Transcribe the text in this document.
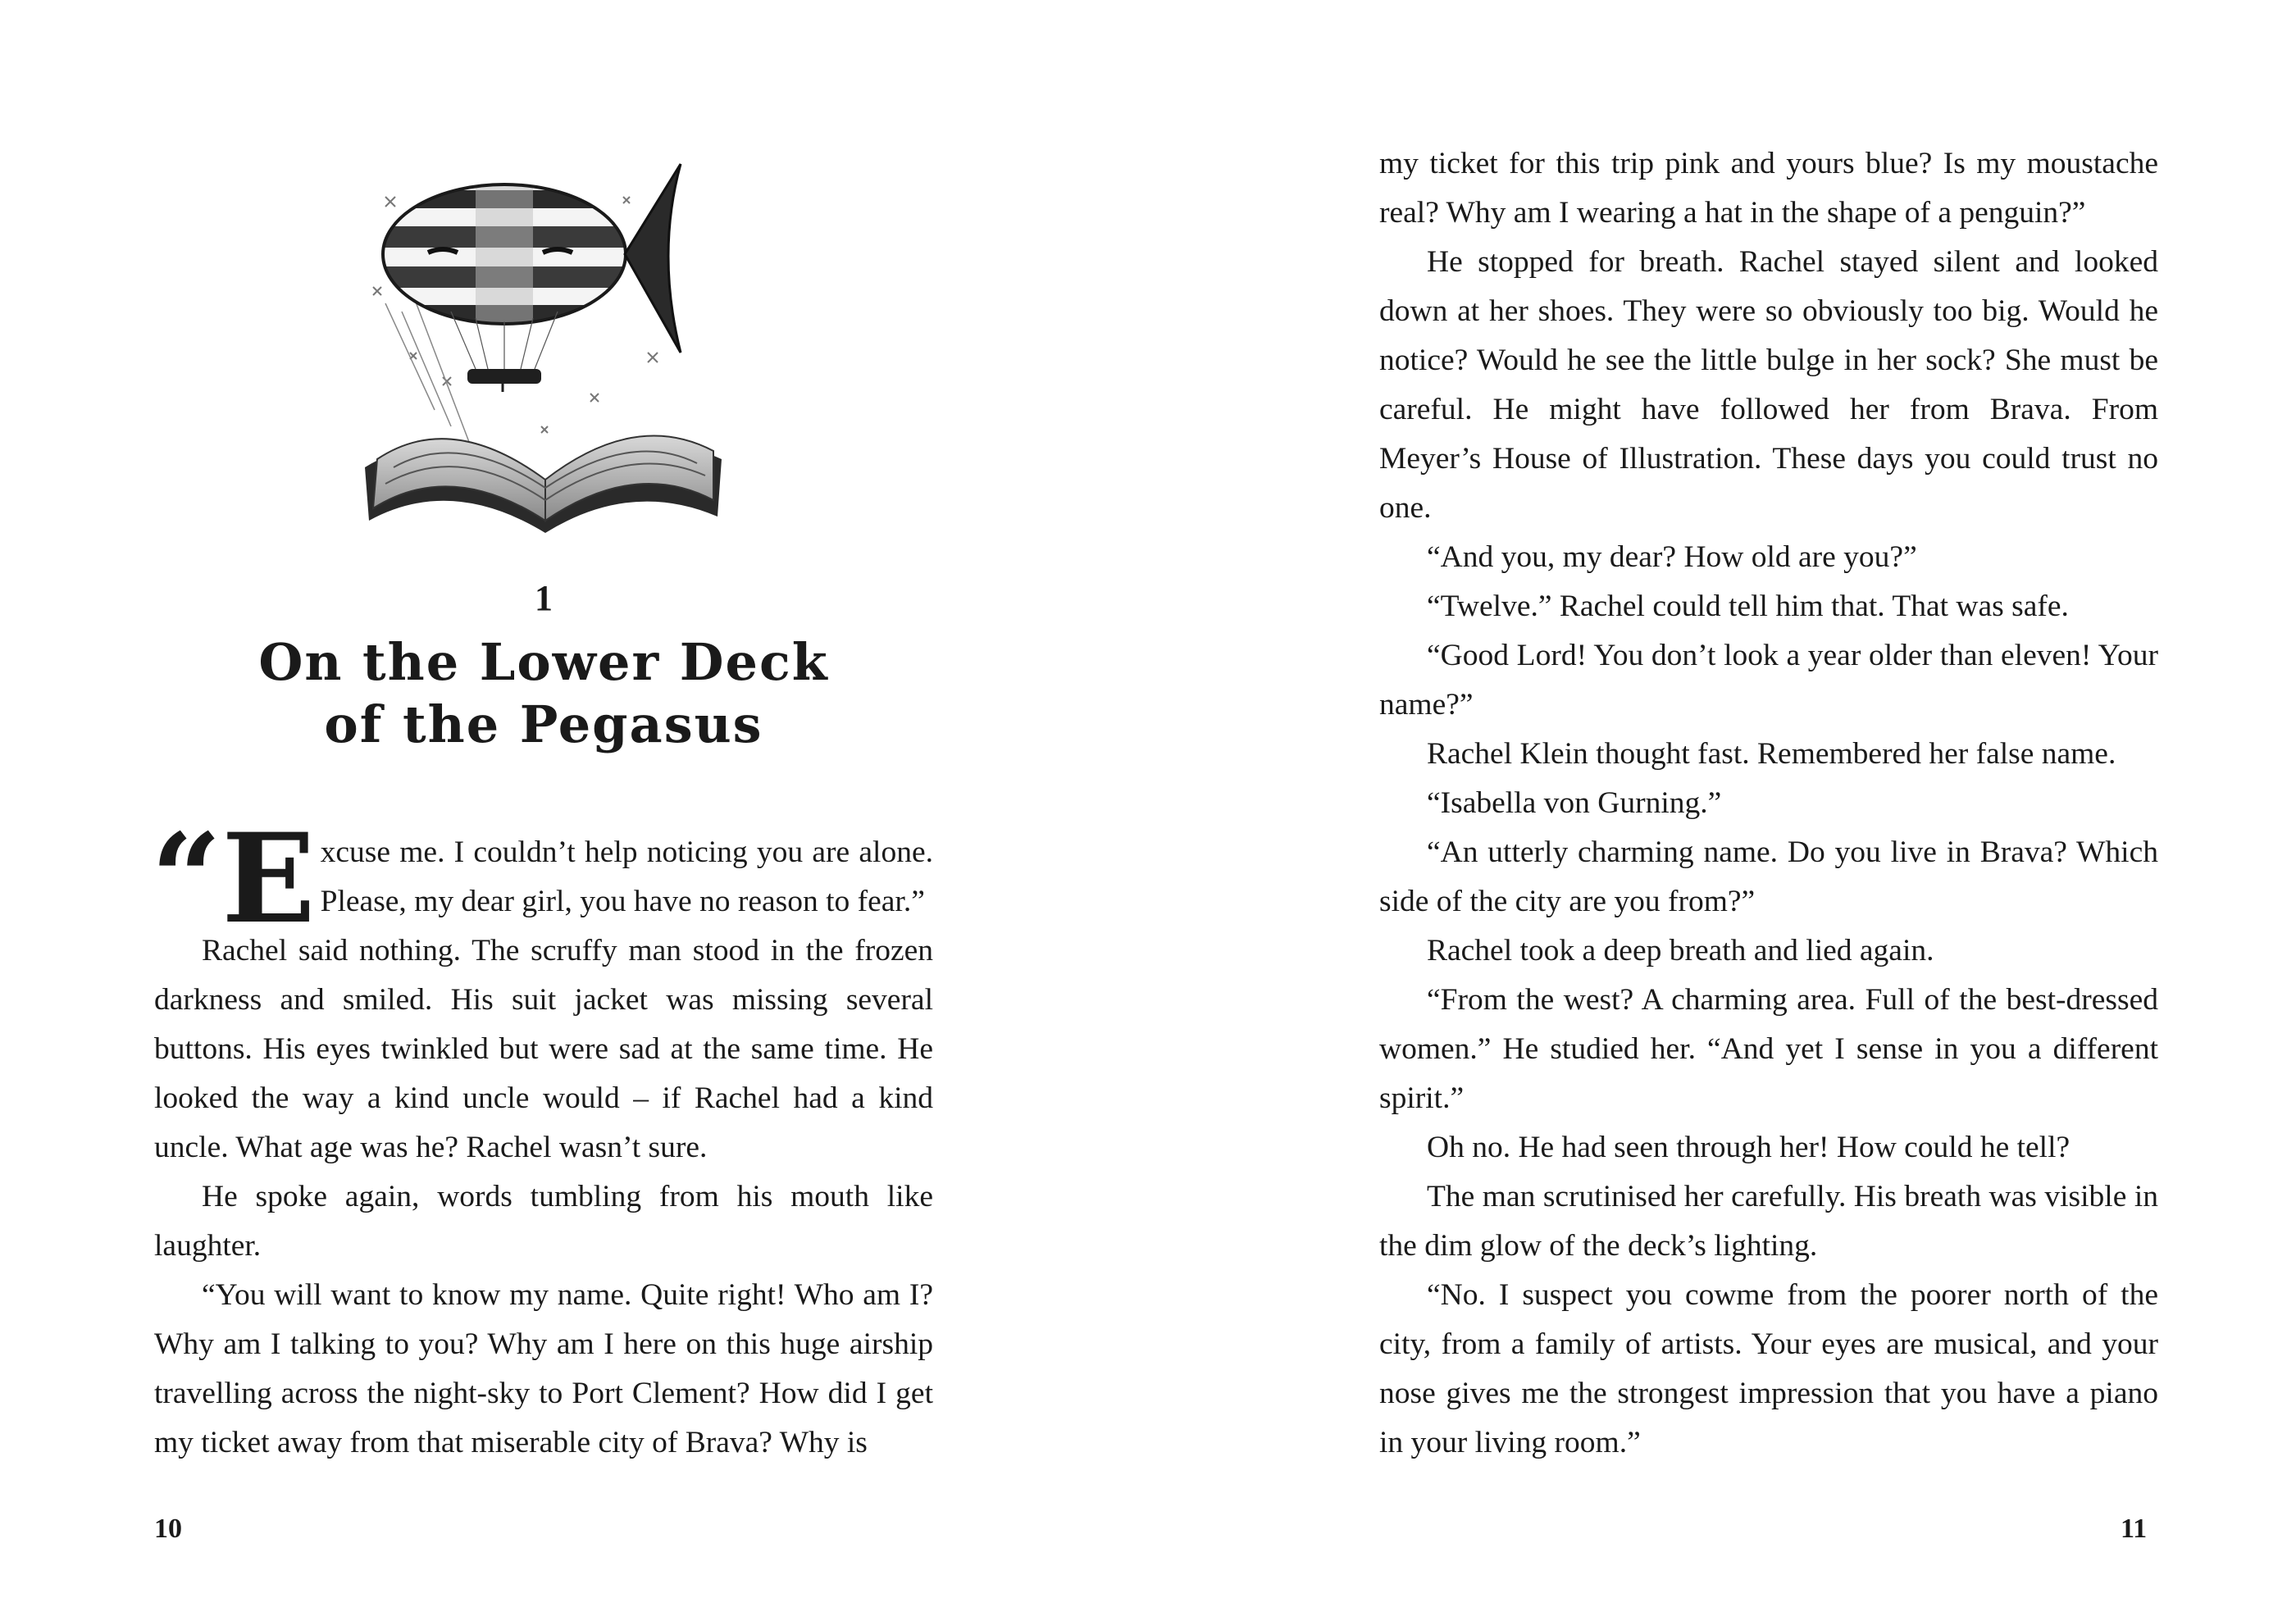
1
On the Lower Deck
of the Pegasus

“Excuse me. I couldn’t help noticing you are alone. Please, my dear girl, you have no reason to fear.”

Rachel said nothing. The scruffy man stood in the frozen darkness and smiled. His suit jacket was missing several buttons. His eyes twinkled but were sad at the same time. He looked the way a kind uncle would – if Rachel had a kind uncle. What age was he? Rachel wasn’t sure.

He spoke again, words tumbling from his mouth like laughter.

“You will want to know my name. Quite right! Who am I? Why am I talking to you? Why am I here on this huge airship travelling across the night-sky to Port Clement? How did I get my ticket away from that miserable city of Brava? Why is

10

my ticket for this trip pink and yours blue? Is my moustache real? Why am I wearing a hat in the shape of a penguin?”

He stopped for breath. Rachel stayed silent and looked down at her shoes. They were so obviously too big. Would he notice? Would he see the little bulge in her sock? She must be careful. He might have followed her from Brava. From Meyer’s House of Illustration. These days you could trust no one.

“And you, my dear? How old are you?”

“Twelve.” Rachel could tell him that. That was safe.

“Good Lord! You don’t look a year older than eleven! Your name?”

Rachel Klein thought fast. Remembered her false name.

“Isabella von Gurning.”

“An utterly charming name. Do you live in Brava? Which side of the city are you from?”

Rachel took a deep breath and lied again.

“From the west? A charming area. Full of the best-dressed women.” He studied her. “And yet I sense in you a different spirit.”

Oh no. He had seen through her! How could he tell?

The man scrutinised her carefully. His breath was visible in the dim glow of the deck’s lighting.

“No. I suspect you cowme from the poorer north of the city, from a family of artists. Your eyes are musical, and your nose gives me the strongest impression that you have a piano in your living room.”

11
